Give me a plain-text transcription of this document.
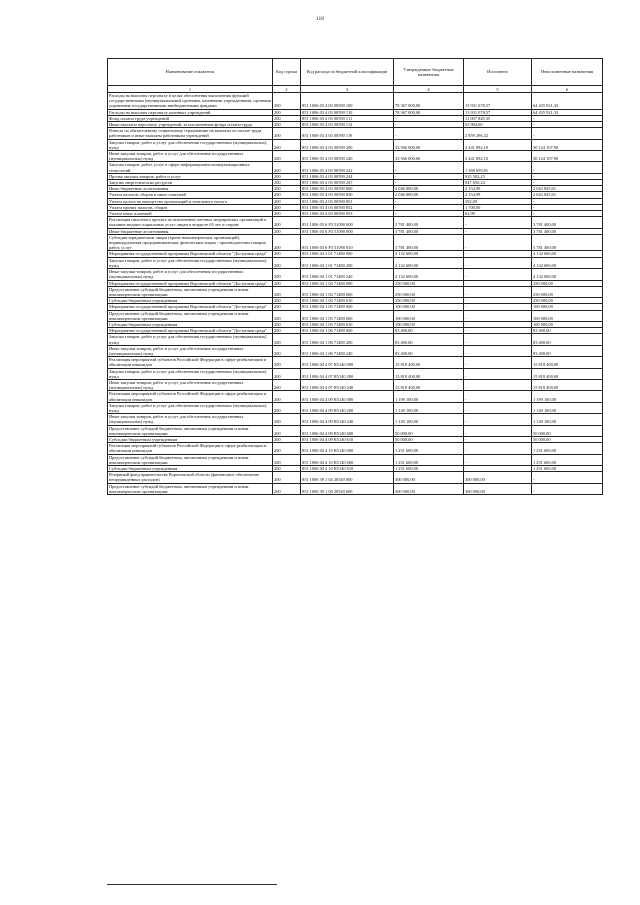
118
Наименование показателя	Код строки	Код расхода по бюджетной классификации	Утвержденные бюджетные назначения	Исполнено	Неисполненные назначения
1	2	3	4	5	6
Расходы на выплаты персоналу в целях обеспечения выполнения функций государственными (муниципальными) органами, казенными учреждениями, органами управления государственными внебюджетными фондами	200	851 1006 03 4 03 00590 100	78 367 000,00	13 931 078,57	64 435 921,33
Расходы на выплаты персоналу казенных учреждений	200	851 1006 03 4 03 00590 110	78 367 000,00	13 931 078,57	64 435 921,33
Фонд оплаты труда учреждений	200	851 1006 03 4 03 00590 111	-	11 007 828,35	-
Иные выплаты персоналу учреждений, за исключением фонда оплаты труда	200	851 1006 03 4 03 00590 112	-	63 904,00	-
Взносы по обязательному социальному страхованию на выплаты по оплате труда работников и иные выплаты работникам учреждений	200	851 1006 03 4 03 00590 119	-	2 859 296,32	-
Закупка товаров, работ и услуг для обеспечения государственных (муниципальных) нужд	200	851 1006 03 4 03 00590 200	33 566 000,00	3 441 892,10	30 124 107,90
Иные закупки товаров, работ и услуг для обеспечения государственных (муниципальных) нужд	200	851 1006 03 4 03 00590 240	33 566 000,00	3 441 892,10	30 124 107,90
Закупка товаров, работ, услуг в сфере информационно-коммуникационных технологий	200	851 1006 03 4 03 00590 242	-	1 368 659,81	-
Прочая закупка товаров, работ и услуг	200	851 1006 03 4 03 00590 244	-	925 582,25	-
Закупка энергетических ресурсов	200	851 1006 03 4 03 00590 247	-	947 650,24	-
Иные бюджетные ассигнования	200	851 1006 03 4 03 00590 800	2 046 000,00	2 154,99	2 043 845,01
Уплата налогов, сборов и иных платежей	200	851 1006 03 4 03 00590 850	2 046 000,00	2 154,99	2 043 845,01
Уплата налога на имущество организаций и земельного налога	200	851 1006 03 4 03 00590 851	-	392,00	-
Уплата прочих налогов, сборов	200	851 1006 03 4 03 00590 852	-	1 700,00	-
Уплата иных платежей	200	851 1006 03 4 03 00590 853	-	62,99	-
Реализация пилотного проекта по вовлечению частных медицинских организаций в оказание медико-социальных услуг лицам в возрасте 65 лет и старше	200	851 1006 03 6 P3 51090 000	3 781 400,00	-	3 781 400,00
Иные бюджетные ассигнования	200	851 1006 03 6 P3 51090 800	3 781 400,00	-	3 781 400,00
Субсидии юридическим лицам (кроме некоммерческих организаций), индивидуальным предпринимателям, физическим лицам - производителям товаров, работ, услуг	200	851 1006 03 6 P3 51090 810	3 781 400,00	-	3 781 400,00
Мероприятия государственной программы Воронежской области "Доступная среда"	200	851 1006 04 1 01 71480 000	4 132 600,00	-	4 132 600,00
Закупка товаров, работ и услуг для обеспечения государственных (муниципальных) нужд	200	851 1006 04 1 01 71480 200	4 132 600,00	-	4 132 600,00
Иные закупки товаров, работ и услуг для обеспечения государственных (муниципальных) нужд	200	851 1006 04 1 01 71480 240	4 132 600,00	-	4 132 600,00
Мероприятия государственной программы Воронежской области "Доступная среда"	200	851 1006 04 1 04 71480 000	250 000,00	-	250 000,00
Предоставление субсидий бюджетным, автономным учреждениям и иным некоммерческим организациям	200	851 1006 04 1 04 71480 600	250 000,00	-	250 000,00
Субсидии бюджетным учреждениям	200	851 1006 04 1 04 71480 610	250 000,00	-	250 000,00
Мероприятия государственной программы Воронежской области "Доступная среда"	200	851 1006 04 1 05 71480 000	100 000,00	-	100 000,00
Предоставление субсидий бюджетным, автономным учреждениям и иным некоммерческим организациям	200	851 1006 04 1 05 71480 600	100 000,00	-	100 000,00
Субсидии бюджетным учреждениям	200	851 1006 04 1 05 71480 610	100 000,00	-	100 000,00
Мероприятия государственной программы Воронежской области "Доступная среда"	200	851 1006 04 1 06 71480 000	83 400,00	-	83 400,00
Закупка товаров, работ и услуг для обеспечения государственных (муниципальных) нужд	200	851 1006 04 1 06 71480 200	83 400,00	-	83 400,00
Иные закупки товаров, работ и услуг для обеспечения государственных (муниципальных) нужд	200	851 1006 04 1 06 71480 240	83 400,00	-	83 400,00
Реализация мероприятий субъектов Российской Федерации в сфере реабилитации и абилитации инвалидов	200	851 1006 04 4 07 R5140 000	15 818 400,00	-	15 818 400,00
Закупка товаров, работ и услуг для обеспечения государственных (муниципальных) нужд	200	851 1006 04 4 07 R5140 200	15 818 400,00	-	15 818 400,00
Иные закупки товаров, работ и услуг для обеспечения государственных (муниципальных) нужд	200	851 1006 04 4 07 R5140 240	15 818 400,00	-	15 818 400,00
Реализация мероприятий субъектов Российской Федерации в сфере реабилитации и абилитации инвалидов	200	851 1006 04 4 09 R5140 000	1 199 100,00	-	1 199 100,00
Закупка товаров, работ и услуг для обеспечения государственных (муниципальных) нужд	200	851 1006 04 4 09 R5140 200	1 149 100,00	-	1 149 100,00
Иные закупки товаров, работ и услуг для обеспечения государственных (муниципальных) нужд	200	851 1006 04 4 09 R5140 240	1 149 100,00	-	1 149 100,00
Предоставление субсидий бюджетным, автономным учреждениям и иным некоммерческим организациям	200	851 1006 04 4 09 R5140 600	50 000,00	-	50 000,00
Субсидии бюджетным учреждениям	200	851 1006 04 4 09 R5140 610	50 000,00	-	50 000,00
Реализация мероприятий субъектов Российской Федерации в сфере реабилитации и абилитации инвалидов	200	851 1006 04 4 10 R5140 000	1 251 600,00	-	1 251 600,00
Предоставление субсидий бюджетным, автономным учреждениям и иным некоммерческим организациям	200	851 1006 04 4 10 R5140 600	1 251 600,00	-	1 251 600,00
Субсидии бюджетным учреждениям	200	851 1006 04 4 10 R5140 610	1 251 600,00	-	1 251 600,00
Резервный фонд правительства Воронежской области (финансовое обеспечение непредвиденных расходов)	200	851 1006 39 1 04 20540 000	300 000,00	300 000,00	-
Предоставление субсидий бюджетным, автономным учреждениям и иным некоммерческим организациям	200	851 1006 39 1 04 20540 600	300 000,00	300 000,00	-
